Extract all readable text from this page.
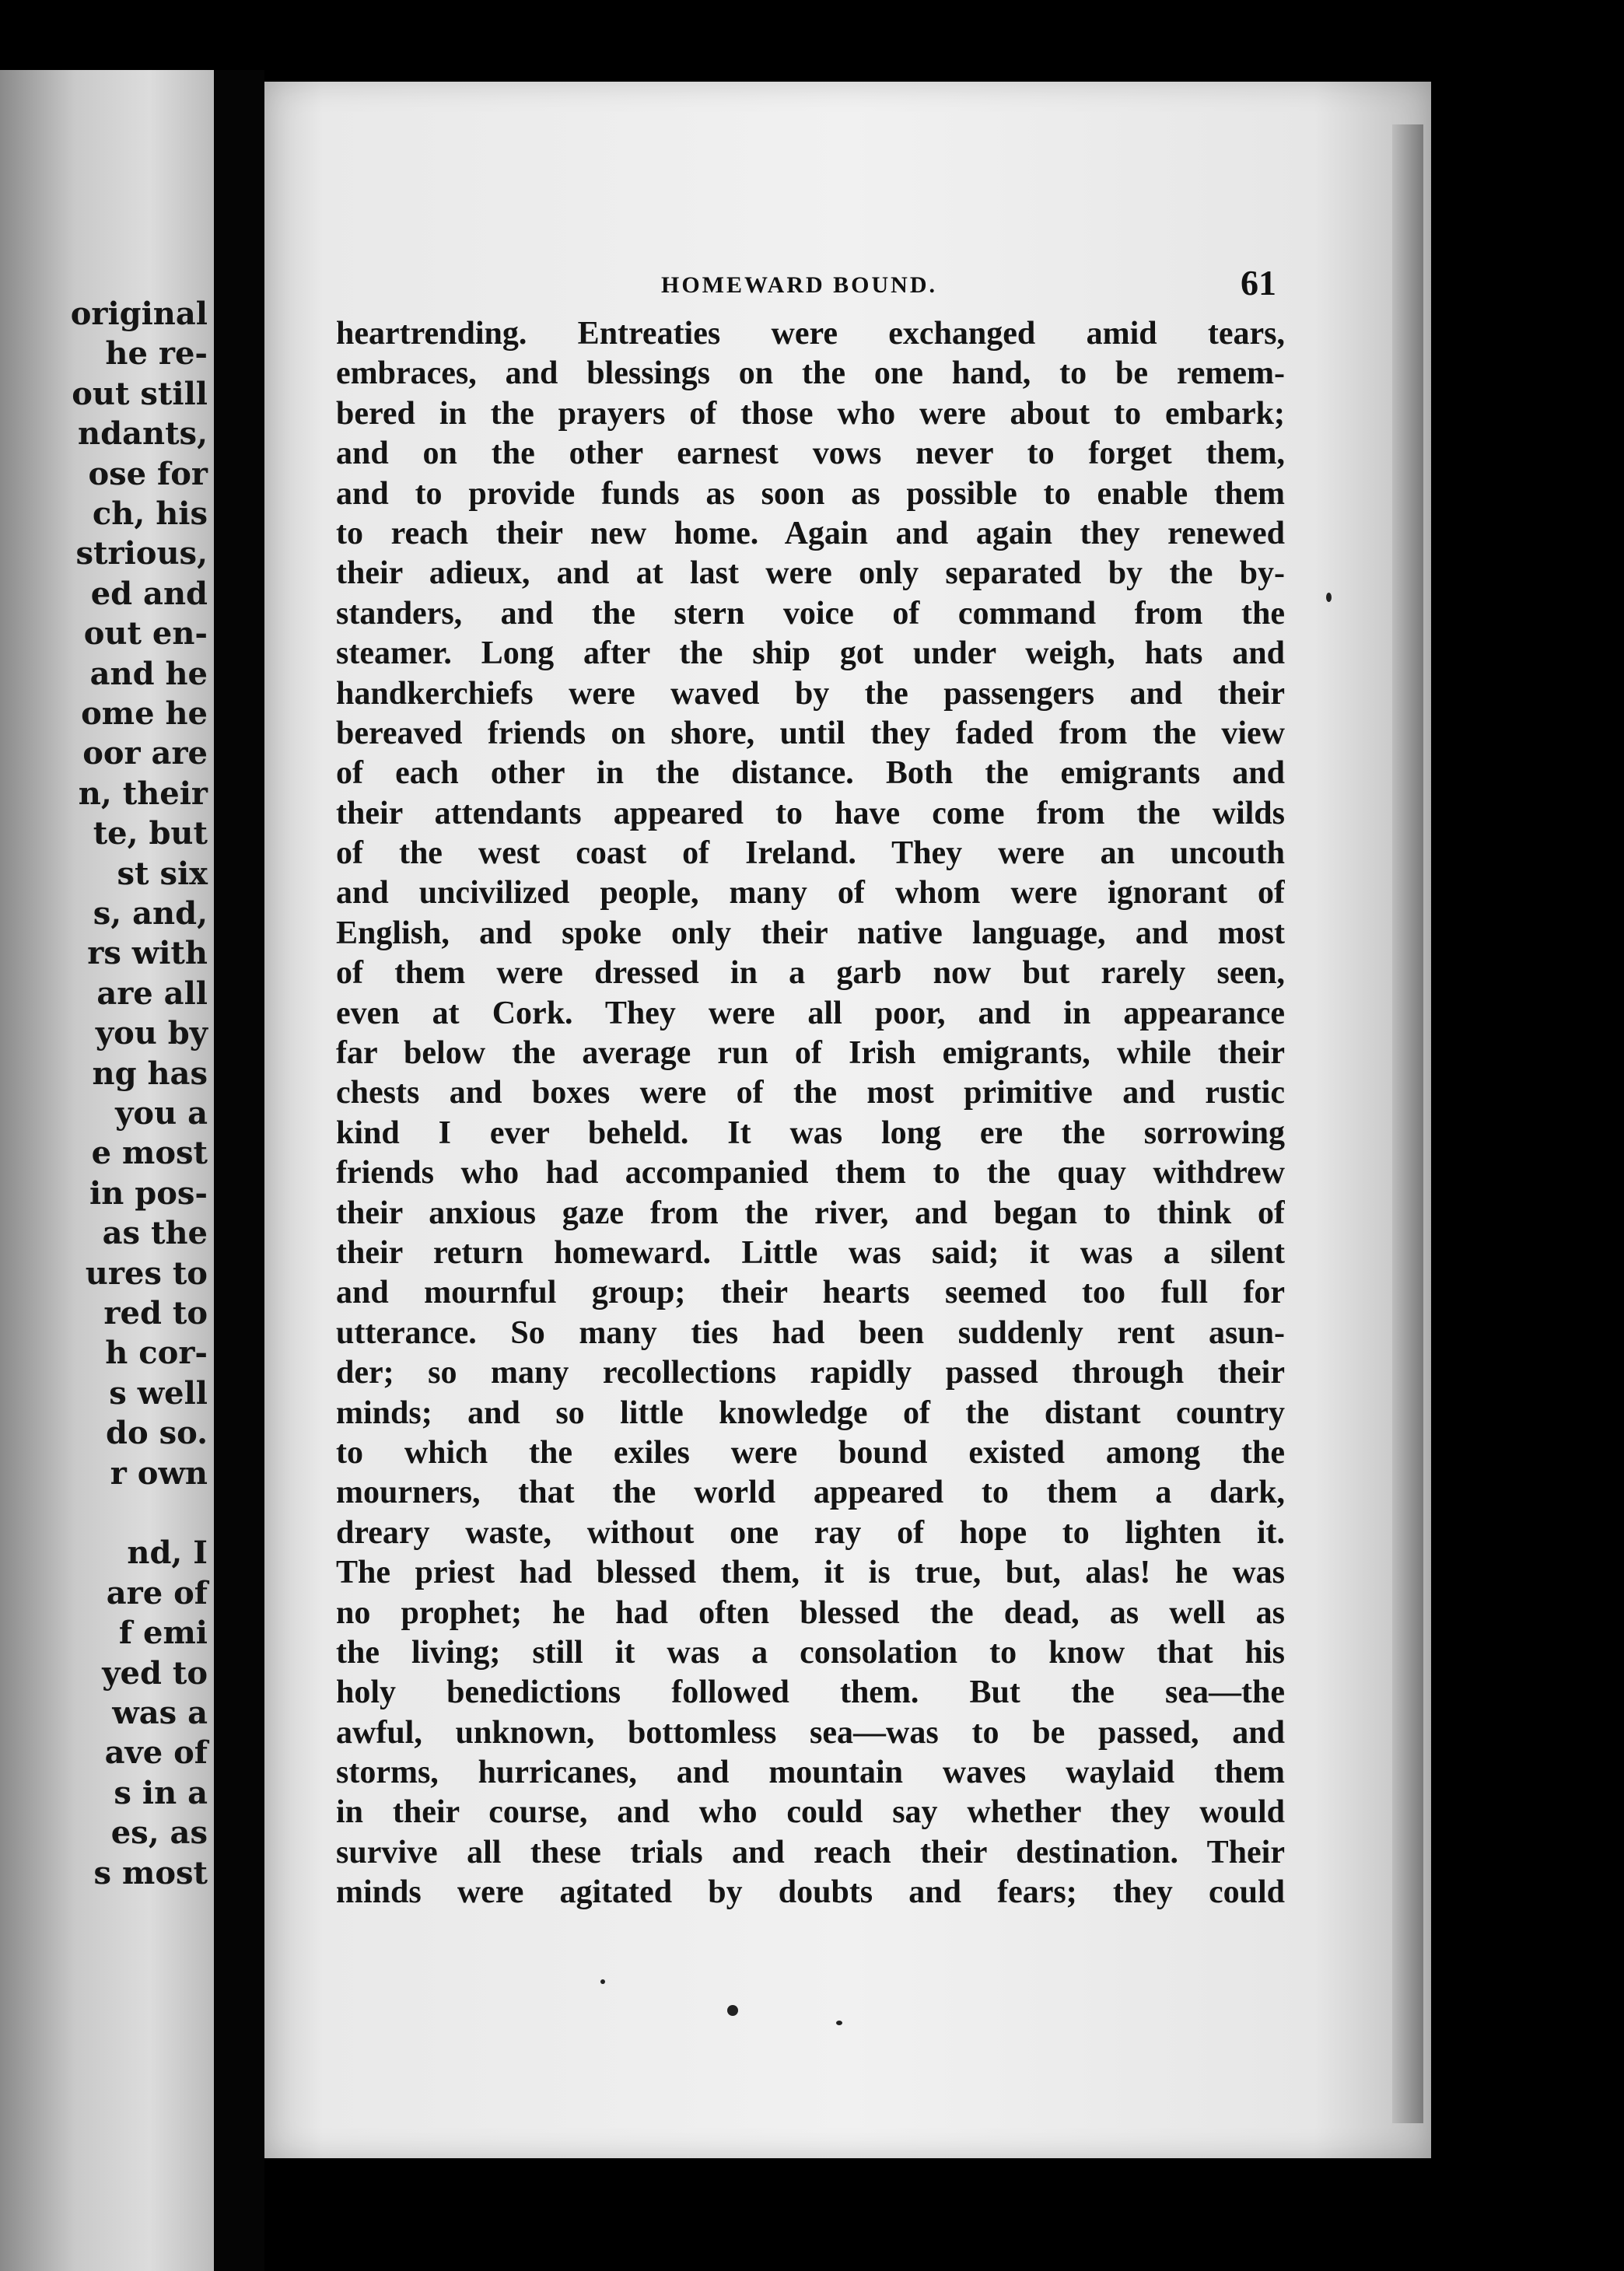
original
he re-
out still
ndants,
ose for
ch, his
strious,
ed and
out en-
and he
ome he
oor are
n, their
te, but
st six
s, and,
rs with
are all
you by
ng has
you a
e most
in pos-
as the
ures to
red to
h cor-
s well
do so.
r own
nd, I
are of
f emi
yed to
was a
ave of
s in a
es, as
s most
HOMEWARD BOUND.	61
heartrending. Entreaties were exchanged amid tears,
embraces, and blessings on the one hand, to be remem-
bered in the prayers of those who were about to embark;
and on the other earnest vows never to forget them,
and to provide funds as soon as possible to enable them
to reach their new home. Again and again they renewed
their adieux, and at last were only separated by the by-
standers, and the stern voice of command from the
steamer. Long after the ship got under weigh, hats and
handkerchiefs were waved by the passengers and their
bereaved friends on shore, until they faded from the view
of each other in the distance. Both the emigrants and
their attendants appeared to have come from the wilds
of the west coast of Ireland. They were an uncouth
and uncivilized people, many of whom were ignorant of
English, and spoke only their native language, and most
of them were dressed in a garb now but rarely seen,
even at Cork. They were all poor, and in appearance
far below the average run of Irish emigrants, while their
chests and boxes were of the most primitive and rustic
kind I ever beheld. It was long ere the sorrowing
friends who had accompanied them to the quay withdrew
their anxious gaze from the river, and began to think of
their return homeward. Little was said; it was a silent
and mournful group; their hearts seemed too full for
utterance. So many ties had been suddenly rent asun-
der; so many recollections rapidly passed through their
minds; and so little knowledge of the distant country
to which the exiles were bound existed among the
mourners, that the world appeared to them a dark,
dreary waste, without one ray of hope to lighten it.
The priest had blessed them, it is true, but, alas! he was
no prophet; he had often blessed the dead, as well as
the living; still it was a consolation to know that his
holy benedictions followed them. But the sea—the
awful, unknown, bottomless sea—was to be passed, and
storms, hurricanes, and mountain waves waylaid them
in their course, and who could say whether they would
survive all these trials and reach their destination. Their
minds were agitated by doubts and fears; they could
